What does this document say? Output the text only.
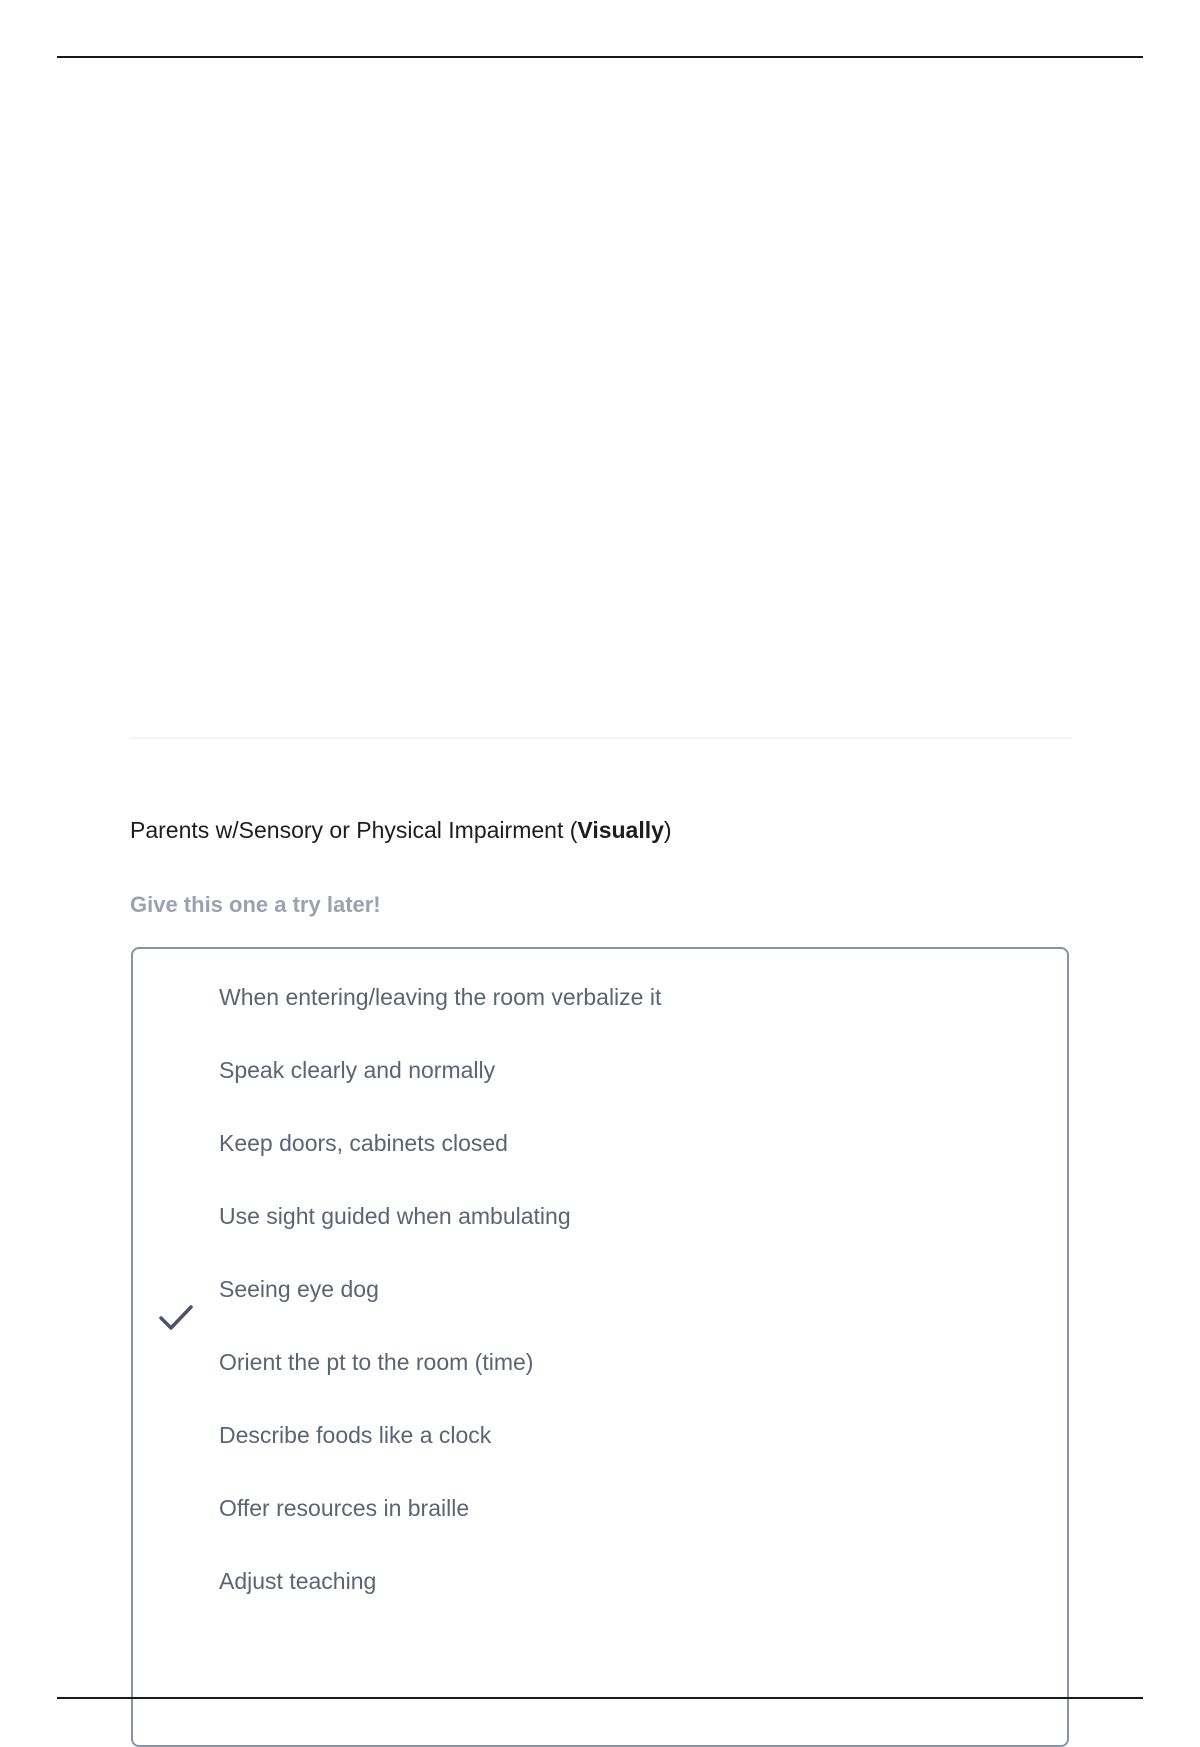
Parents w/Sensory or Physical Impairment (Visually)
Give this one a try later!
When entering/leaving the room verbalize it
Speak clearly and normally
Keep doors, cabinets closed
Use sight guided when ambulating
Seeing eye dog
Orient the pt to the room (time)
Describe foods like a clock
Offer resources in braille
Adjust teaching
